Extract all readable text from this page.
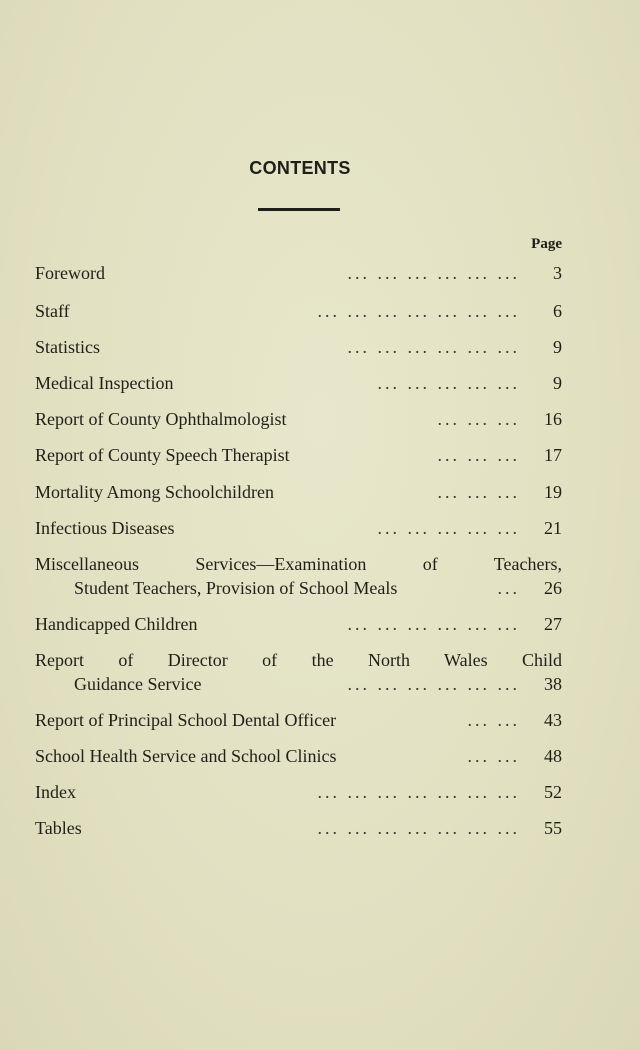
CONTENTS
Page
Foreword	... ... ... ... ... ... 3
Staff	... ... ... ... ... ... ... 6
Statistics	... ... ... ... ... ... 9
Medical Inspection	... ... ... ... ... 9
Report of County Ophthalmologist	... ... ... 16
Report of County Speech Therapist	... ... ... 17
Mortality Among Schoolchildren	... ... ... 19
Infectious Diseases	... ... ... ... ... 21
Miscellaneous Services—Examination of Teachers,
Student Teachers, Provision of School Meals	... 26
Handicapped Children	... ... ... ... ... ... 27
Report of Director of the North Wales Child
Guidance Service	... ... ... ... ... ... 38
Report of Principal School Dental Officer	... ... 43
School Health Service and School Clinics	... ... 48
Index	... ... ... ... ... ... ... 52
Tables	... ... ... ... ... ... ... 55
